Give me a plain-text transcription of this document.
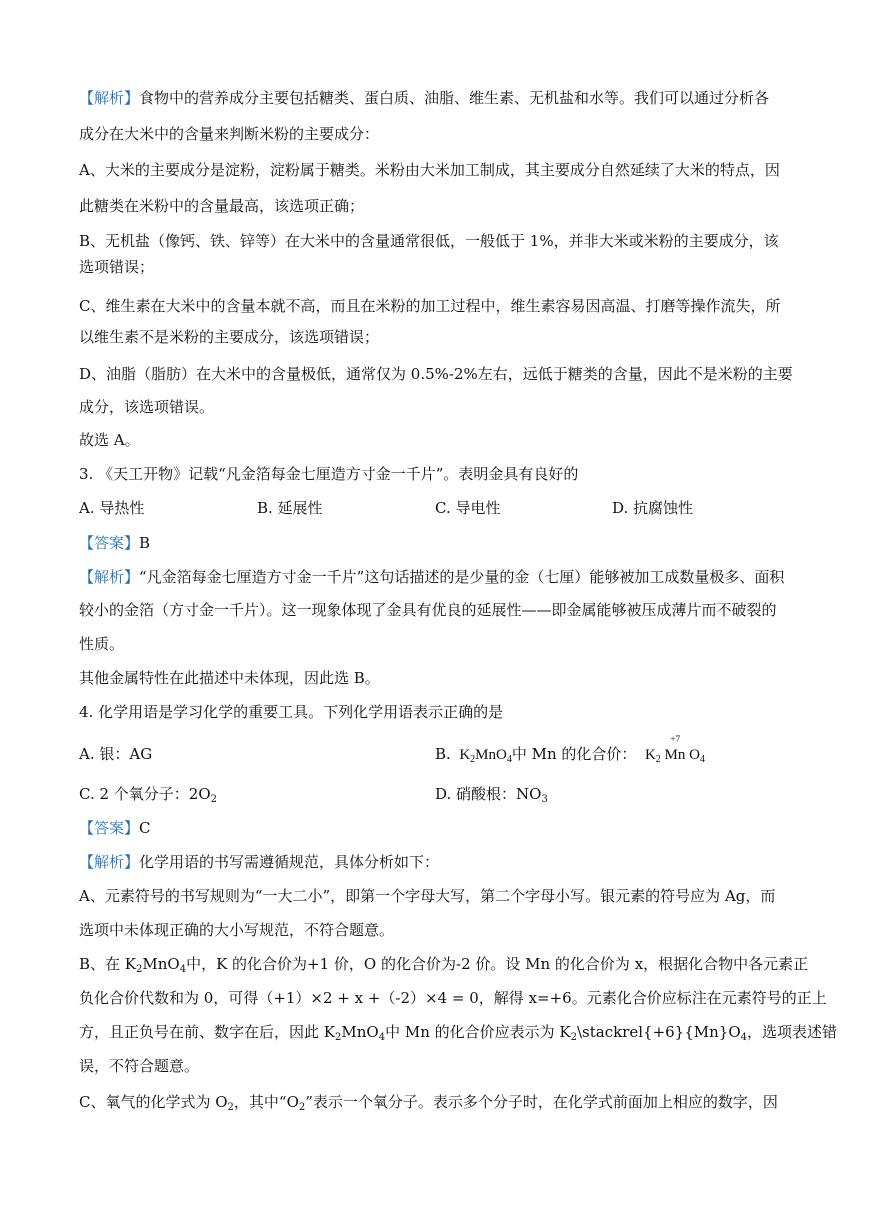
【解析】食物中的营养成分主要包括糖类、蛋白质、油脂、维生素、无机盐和水等。我们可以通过分析各
成分在大米中的含量来判断米粉的主要成分：
A、大米的主要成分是淀粉，淀粉属于糖类。米粉由大米加工制成，其主要成分自然延续了大米的特点，因
此糖类在米粉中的含量最高，该选项正确；
B、无机盐（像钙、铁、锌等）在大米中的含量通常很低，一般低于 1%，并非大米或米粉的主要成分，该
选项错误；
C、维生素在大米中的含量本就不高，而且在米粉的加工过程中，维生素容易因高温、打磨等操作流失，所
以维生素不是米粉的主要成分，该选项错误；
D、油脂（脂肪）在大米中的含量极低，通常仅为 0.5%-2%左右，远低于糖类的含量，因此不是米粉的主要
成分，该选项错误。
故选 A。
3. 《天工开物》记载“凡金箔每金七厘造方寸金一千片”。表明金具有良好的
A. 导热性	B. 延展性	C. 导电性	D. 抗腐蚀性
【答案】B
【解析】“凡金箔每金七厘造方寸金一千片”这句话描述的是少量的金（七厘）能够被加工成数量极多、面积
较小的金箔（方寸金一千片）。这一现象体现了金具有优良的延展性——即金属能够被压成薄片而不破裂的
性质。
其他金属特性在此描述中未体现，因此选 B。
4. 化学用语是学习化学的重要工具。下列化学用语表示正确的是
A. 银：AG	B.  $K_2MnO_4$中 Mn 的化合价：  $K_2$ Mn
+7
$O_4$
C. 2 个氧分子：$2O_2$	D. 硝酸根：$NO_3$
【答案】C
【解析】化学用语的书写需遵循规范，具体分析如下：
A、元素符号的书写规则为“一大二小”，即第一个字母大写，第二个字母小写。银元素的符号应为 Ag，而
选项中未体现正确的大小写规范，不符合题意。
B、在 $K_2MnO_4$中，K 的化合价为+1 价，O 的化合价为-2 价。设 Mn 的化合价为 x，根据化合物中各元素正
负化合价代数和为 0，可得（+1）×2 + x +（-2）×4 = 0，解得 x=+6。元素化合价应标注在元素符号的正上
方，且正负号在前、数字在后，因此 $K_2MnO_4$中 Mn 的化合价应表示为 $K_2\backslash stackrel\{+6\}\{Mn\}O_4$，选项表述错
误，不符合题意。
C、氧气的化学式为 $O_2$，其中“$O_2$”表示一个氧分子。表示多个分子时，在化学式前面加上相应的数字，因
